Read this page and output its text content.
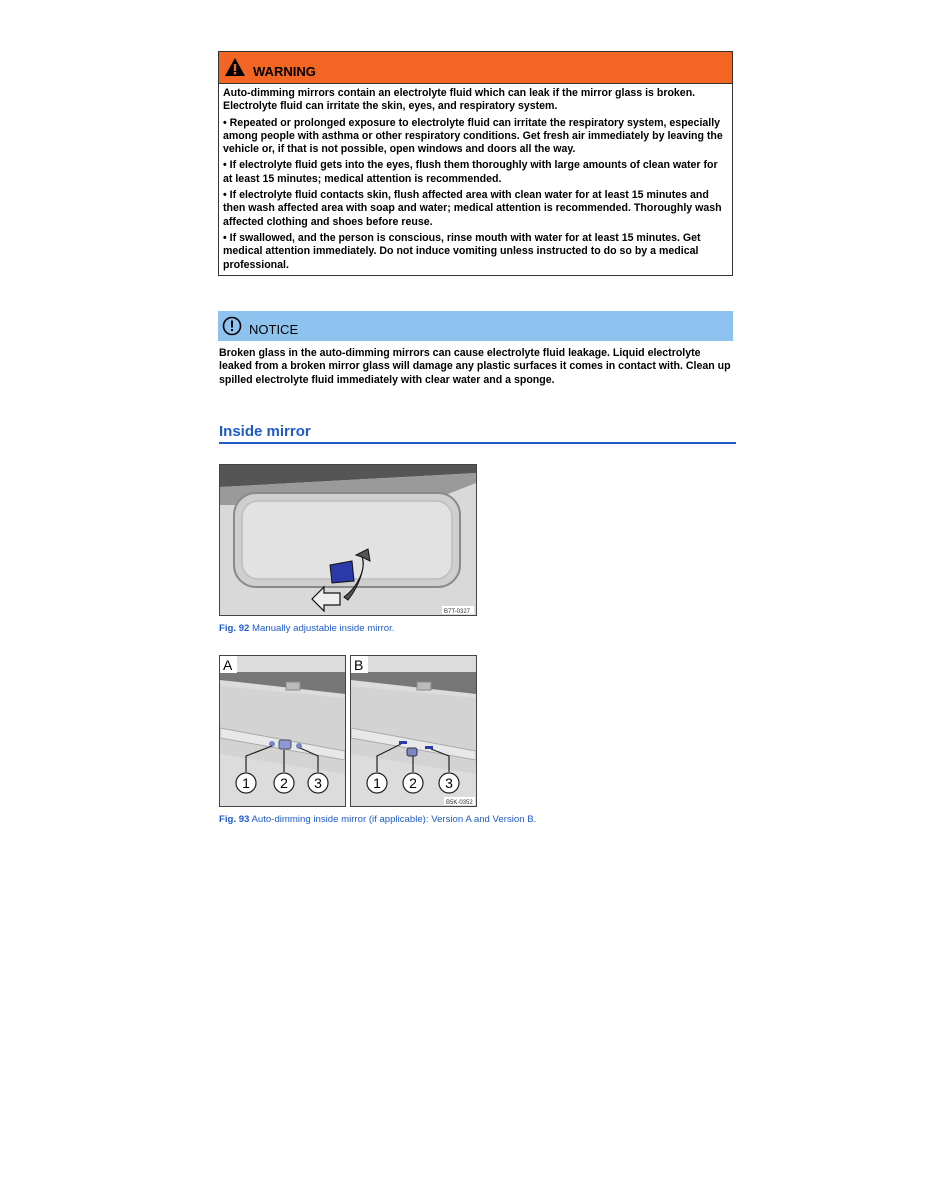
WARNING

Auto-dimming mirrors contain an electrolyte fluid which can leak if the mirror glass is broken. Electrolyte fluid can irritate the skin, eyes, and respiratory system.

• Repeated or prolonged exposure to electrolyte fluid can irritate the respiratory system, especially among people with asthma or other respiratory conditions. Get fresh air immediately by leaving the vehicle or, if that is not possible, open windows and doors all the way.

• If electrolyte fluid gets into the eyes, flush them thoroughly with large amounts of clean water for at least 15 minutes; medical attention is recommended.

• If electrolyte fluid contacts skin, flush affected area with clean water for at least 15 minutes and then wash affected area with soap and water; medical attention is recommended. Thoroughly wash affected clothing and shoes before reuse.

• If swallowed, and the person is conscious, rinse mouth with water for at least 15 minutes. Get medical attention immediately. Do not induce vomiting unless instructed to do so by a medical professional.

NOTICE
Broken glass in the auto-dimming mirrors can cause electrolyte fluid leakage. Liquid electrolyte leaked from a broken mirror glass will damage any plastic surfaces it comes in contact with. Clean up spilled electrolyte fluid immediately with clear water and a sponge.
Inside mirror
B7T-0327
Fig. 92 Manually adjustable inside mirror.
1 2 3
A
1 2 3
B
B5K-0352
Fig. 93 Auto-dimming inside mirror (if applicable): Version A and Version B.
